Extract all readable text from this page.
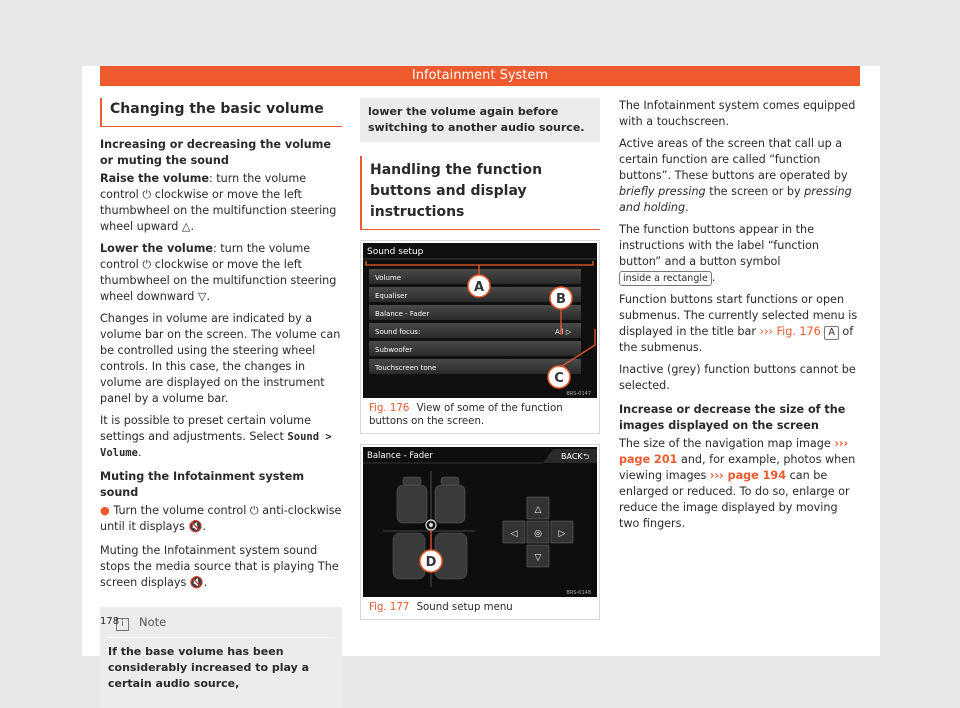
Infotainment System
Changing the basic volume
Increasing or decreasing the volume or muting the sound

Raise the volume: turn the volume control ⏻ clockwise or move the left thumbwheel on the multifunction steering wheel upward △.

Lower the volume: turn the volume control ⏻ clockwise or move the left thumbwheel on the multifunction steering wheel downward ▽.

Changes in volume are indicated by a volume bar on the screen. The volume can be controlled using the steering wheel controls. In this case, the changes in volume are displayed on the instrument panel by a volume bar.

It is possible to preset certain volume settings and adjustments. Select Sound > Volume.

Muting the Infotainment system sound

● Turn the volume control ⏻ anti-clockwise until it displays 🔇.

Muting the Infotainment system sound stops the media source that is playing The screen displays 🔇.

i Note

If the base volume has been considerably increased to play a certain audio source,

lower the volume again before switching to another audio source.
Handling the function buttons and display instructions
Sound setup
Volume
Equaliser
Balance - Fader
Sound focus:	All ▷
Subwoofer
Touchscreen tone
A
B
C
BRS-0147
Fig. 176 View of some of the function buttons on the screen.
Balance - Fader	BACK ⮌
D
△
◁ ◎ ▷
▽
BRS-0148
Fig. 177 Sound setup menu

The Infotainment system comes equipped with a touchscreen.

Active areas of the screen that call up a certain function are called “function buttons”. These buttons are operated by briefly pressing the screen or by pressing and holding.

The function buttons appear in the instructions with the label “function button” and a button symbol inside a rectangle .

Function buttons start functions or open submenus. The currently selected menu is displayed in the title bar ››› Fig. 176 A of the submenus.

Inactive (grey) function buttons cannot be selected.

Increase or decrease the size of the images displayed on the screen

The size of the navigation map image ››› page 201 and, for example, photos when viewing images ››› page 194 can be enlarged or reduced. To do so, enlarge or reduce the image displayed by moving two fingers.

178
